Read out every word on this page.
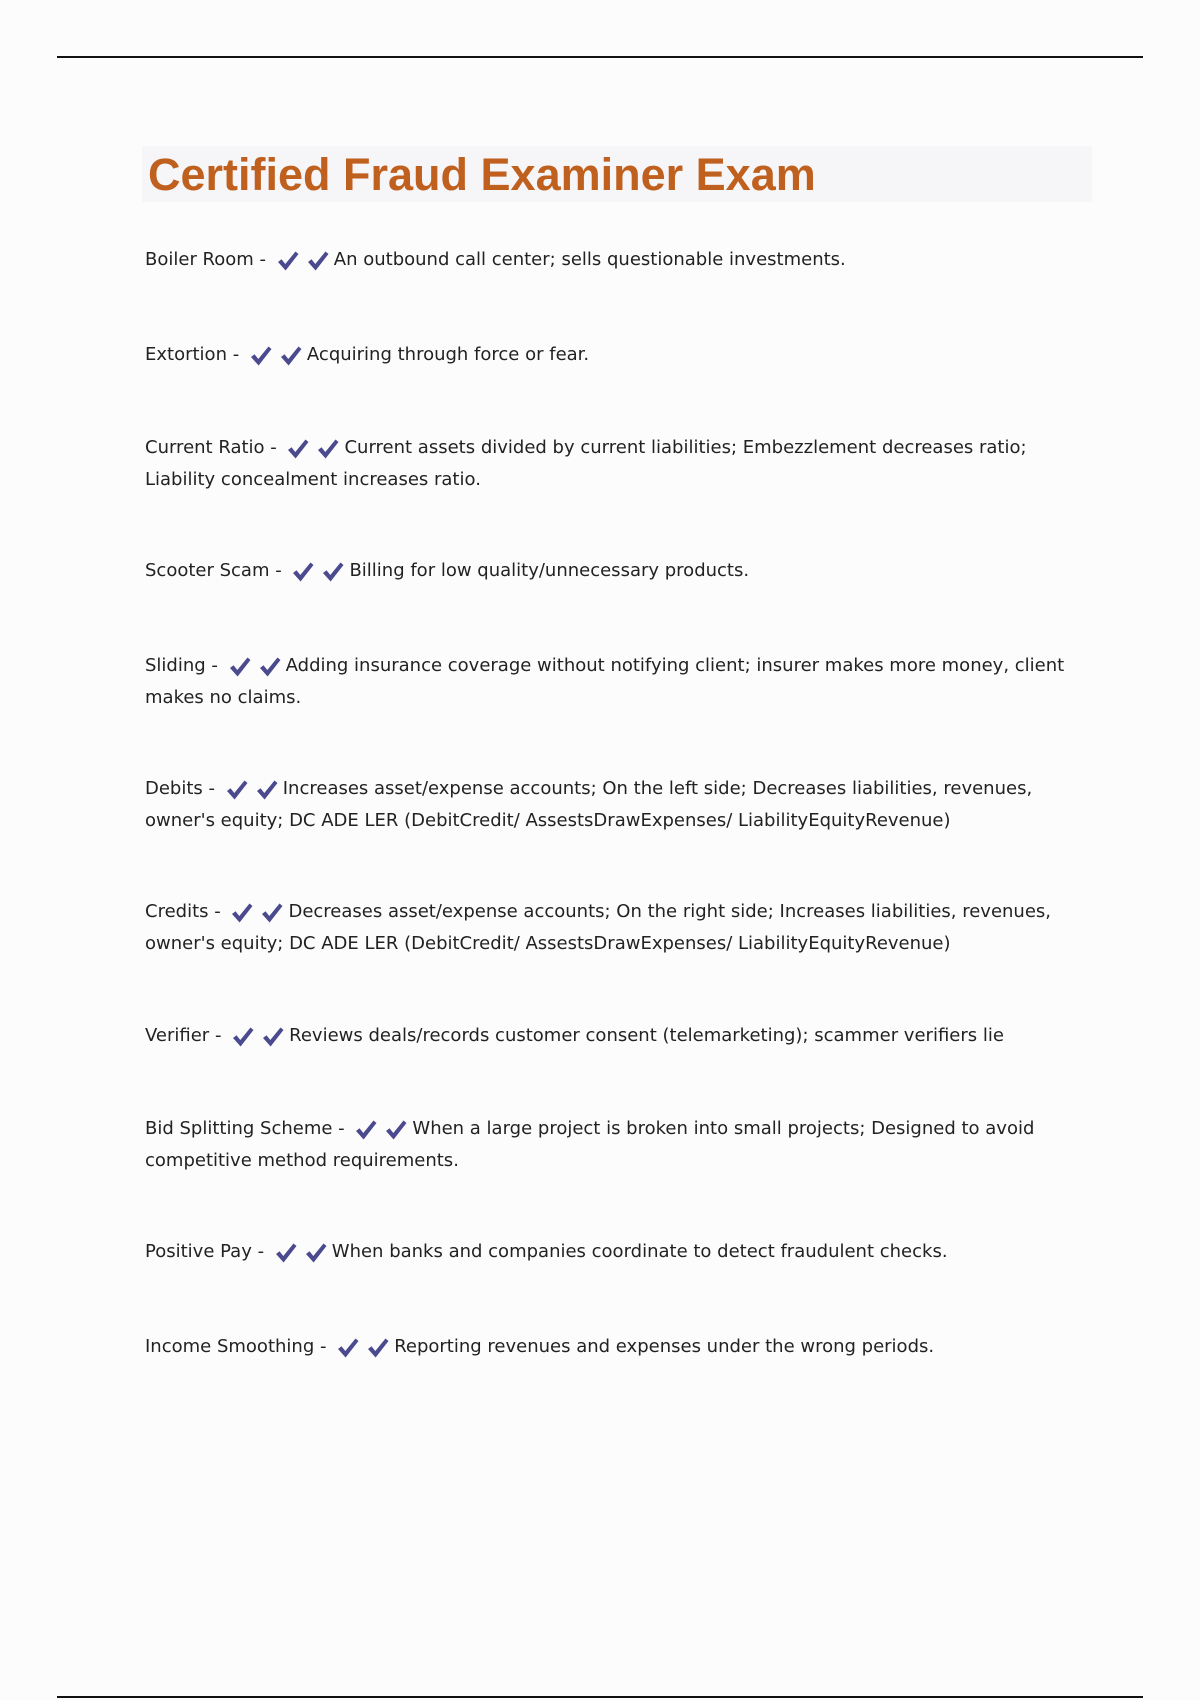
Certified Fraud Examiner Exam
Boiler Room -	An outbound call center; sells questionable investments.
Extortion -	Acquiring through force or fear.
Current Ratio -	Current assets divided by current liabilities; Embezzlement decreases ratio; Liability concealment increases ratio.
Scooter Scam -	Billing for low quality/unnecessary products.
Sliding -	Adding insurance coverage without notifying client; insurer makes more money, client makes no claims.
Debits -	Increases asset/expense accounts; On the left side; Decreases liabilities, revenues, owner's equity; DC ADE LER (DebitCredit/ AssestsDrawExpenses/ LiabilityEquityRevenue)
Credits -	Decreases asset/expense accounts; On the right side; Increases liabilities, revenues, owner's equity; DC ADE LER (DebitCredit/ AssestsDrawExpenses/ LiabilityEquityRevenue)
Verifier -	Reviews deals/records customer consent (telemarketing); scammer verifiers lie
Bid Splitting Scheme -	When a large project is broken into small projects; Designed to avoid competitive method requirements.
Positive Pay -	When banks and companies coordinate to detect fraudulent checks.
Income Smoothing -	Reporting revenues and expenses under the wrong periods.
